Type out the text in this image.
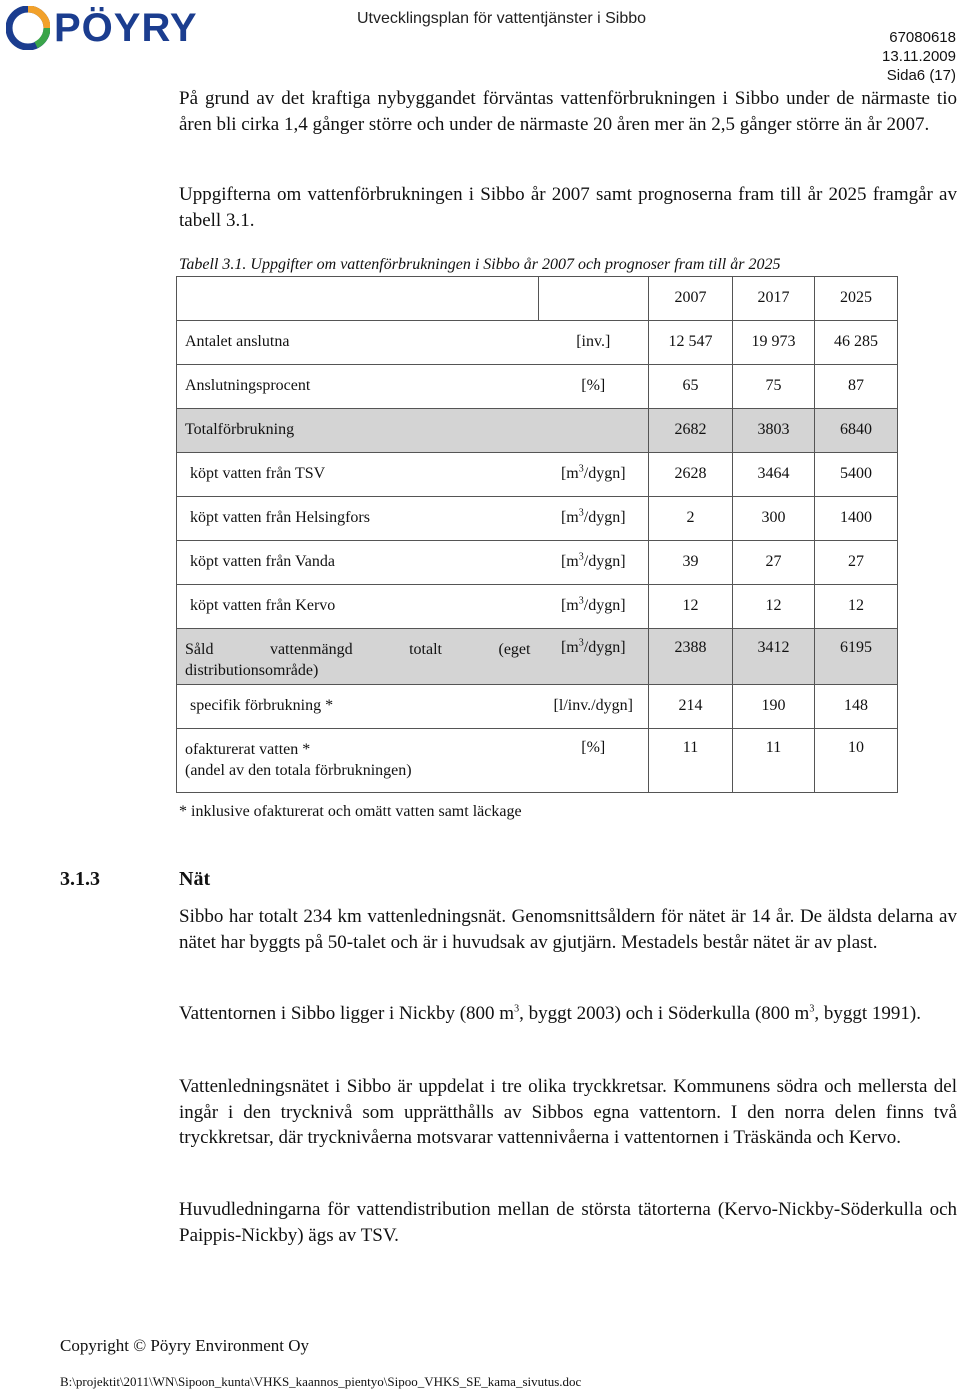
PÖYRY	Utvecklingsplan för vattentjänster i Sibbo
67080618
13.11.2009
Sida6 (17)
På grund av det kraftiga nybyggandet förväntas vattenförbrukningen i Sibbo under de närmaste tio åren bli cirka 1,4 gånger större och under de närmaste 20 åren mer än 2,5 gånger större än år 2007.
Uppgifterna om vattenförbrukningen i Sibbo år 2007 samt prognoserna fram till år 2025 framgår av tabell 3.1.
Tabell 3.1. Uppgifter om vattenförbrukningen i Sibbo år 2007 och prognoser fram till år 2025
		2007	2017	2025
Antalet anslutna	[inv.]	12 547	19 973	46 285
Anslutningsprocent	[%]	65	75	87
Totalförbrukning		2682	3803	6840
köpt vatten från TSV	$[m^3/dygn]$	2628	3464	5400
köpt vatten från Helsingfors	$[m^3/dygn]$	2	300	1400
köpt vatten från Vanda	$[m^3/dygn]$	39	27	27
köpt vatten från Kervo	$[m^3/dygn]$	12	12	12

Såld vattenmängd totalt (eget
distributionsområde)	$[m^3/dygn]$	2388	3412	6195
specifik förbrukning *	[l/inv./dygn]	214	190	148

ofakturerat vatten *
(andel av den totala förbrukningen)	[%]	11	11	10
* inklusive ofakturerat och omätt vatten samt läckage
3.1.3	Nät
Sibbo har totalt 234 km vattenledningsnät. Genomsnittsåldern för nätet är 14 år. De äldsta delarna av nätet har byggts på 50-talet och är i huvudsak av gjutjärn. Mestadels består nätet är av plast.
Vattentornen i Sibbo ligger i Nickby (800 $m^3$, byggt 2003) och i Söderkulla (800 $m^3$, byggt 1991).
Vattenledningsnätet i Sibbo är uppdelat i tre olika tryckkretsar. Kommunens södra och mellersta del ingår i den trycknivå som upprätthålls av Sibbos egna vattentorn. I den norra delen finns två tryckkretsar, där trycknivåerna motsvarar vattennivåerna i vattentornen i Träskända och Kervo.
Huvudledningarna för vattendistribution mellan de största tätorterna (Kervo-Nickby-Söderkulla och Paippis-Nickby) ägs av TSV.
Copyright © Pöyry Environment Oy
B:\projektit\2011\WN\Sipoon_kunta\VHKS_kaannos_pientyo\Sipoo_VHKS_SE_kama_sivutus.doc
